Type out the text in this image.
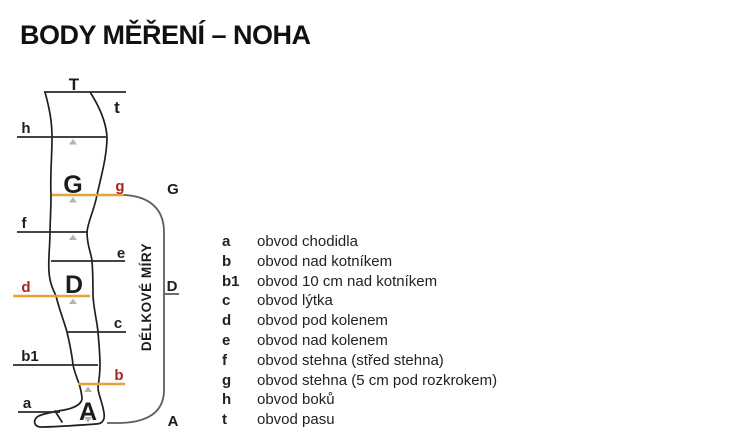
BODY MĚŘENÍ – NOHA
T
t
h
G g
f
e
d D
c
b1
b
a A
G
D
A
DÉLKOVÉ MÍRY
a	obvod chodidla
b	obvod nad kotníkem
b1	obvod 10 cm nad kotníkem
c	obvod lýtka
d	obvod pod kolenem
e	obvod nad kolenem
f	obvod stehna (střed stehna)
g	obvod stehna (5 cm pod rozkrokem)
h	obvod boků
t	obvod pasu
